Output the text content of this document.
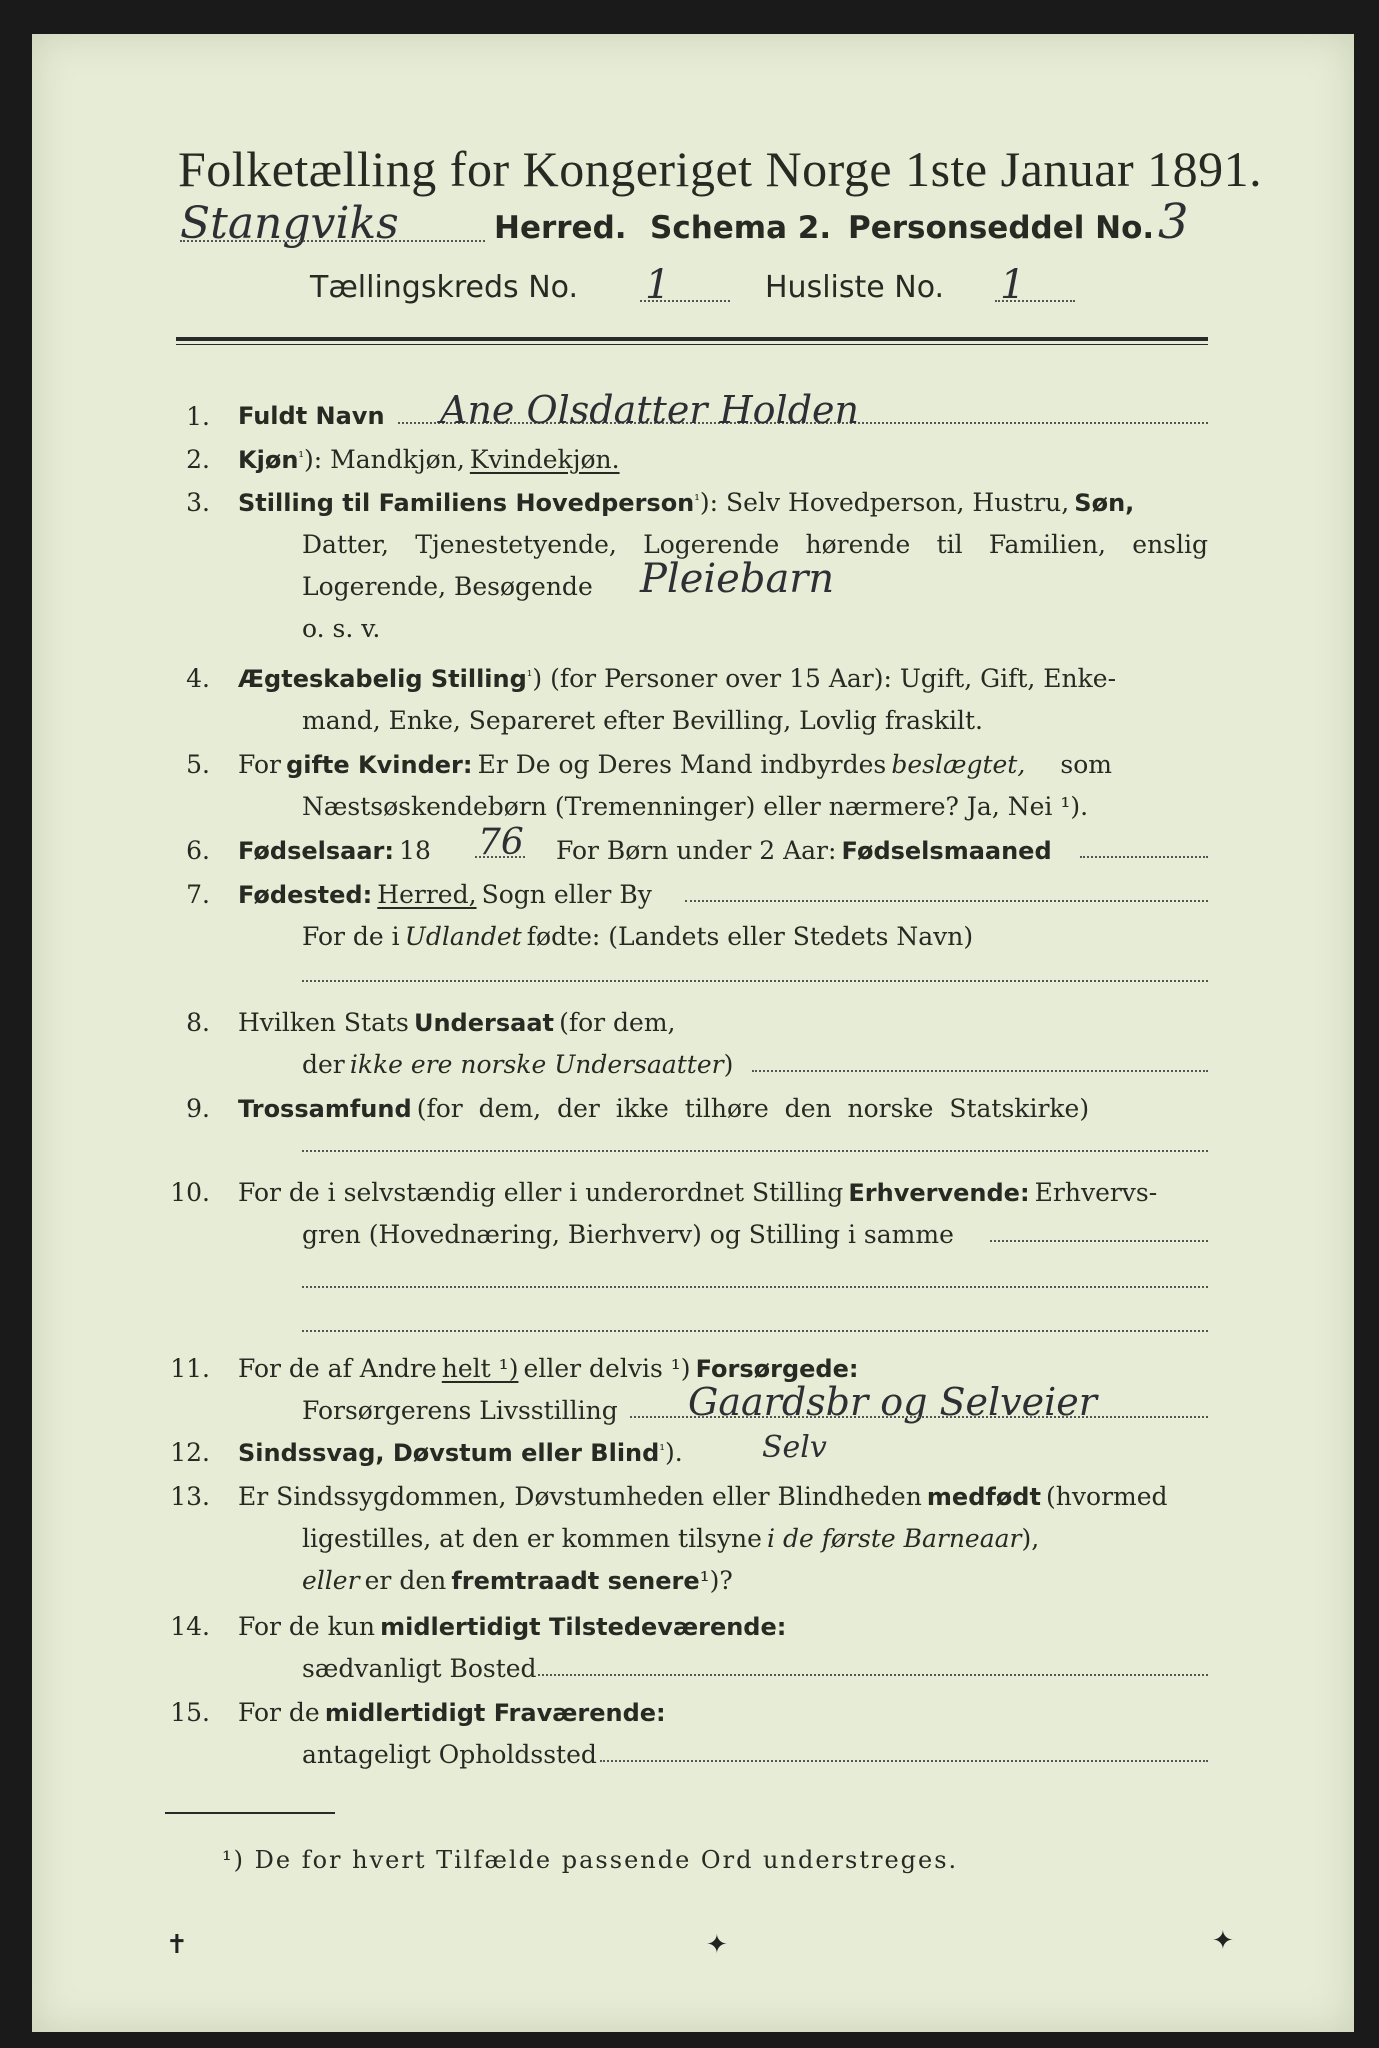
Folketælling for Kongeriget Norge 1ste Januar 1891.
Stangviks	Herred. Schema 2. Personseddel No. 3
Tællingskreds No. 1	Husliste No. 1
1. Fuldt Navn Ane Olsdatter Holden
2. Kjøn$^{^1}$): Mandkjøn, Kvindekjøn.
3. Stilling til Familiens Hovedperson$^{^1}$): Selv Hovedperson, Hustru, Søn,
Datter, Tjenestetyende, Logerende hørende til Familien, enslig
Logerende, Besøgende Pleiebarn
o. s. v.
4. Ægteskabelig Stilling$^{^1}$) (for Personer over 15 Aar): Ugift, Gift, Enke-
mand, Enke, Separeret efter Bevilling, Lovlig fraskilt.
5. For gifte Kvinder: Er De og Deres Mand indbyrdes beslægtet, som
Næstsøskendebørn (Tremenninger) eller nærmere? Ja, Nei ¹).
6. Fødselsaar: 18 76 For Børn under 2 Aar: Fødselsmaaned
7. Fødested: Herred, Sogn eller By
For de i Udlandet fødte: (Landets eller Stedets Navn)
8. Hvilken Stats Undersaat (for dem,
der ikke ere norske Undersaatter)
9. Trossamfund (for dem, der ikke tilhøre den norske Statskirke)
10. For de i selvstændig eller i underordnet Stilling Erhvervende: Erhvervs-
gren (Hovednæring, Bierhverv) og Stilling i samme
11. For de af Andre helt ¹) eller delvis ¹) Forsørgede:
Forsørgerens Livsstilling Gaardsbr og Selveier
12. Sindssvag, Døvstum eller Blind$^{^1}$).	Selv
13. Er Sindssygdommen, Døvstumheden eller Blindheden medfødt (hvormed
ligestilles, at den er kommen tilsyne i de første Barneaar),
eller er den fremtraadt senere¹)?
14. For de kun midlertidigt Tilstedeværende:
sædvanligt Bosted
15. For de midlertidigt Fraværende:
antageligt Opholdssted
¹) De for hvert Tilfælde passende Ord understreges.
✝	✦	✦
